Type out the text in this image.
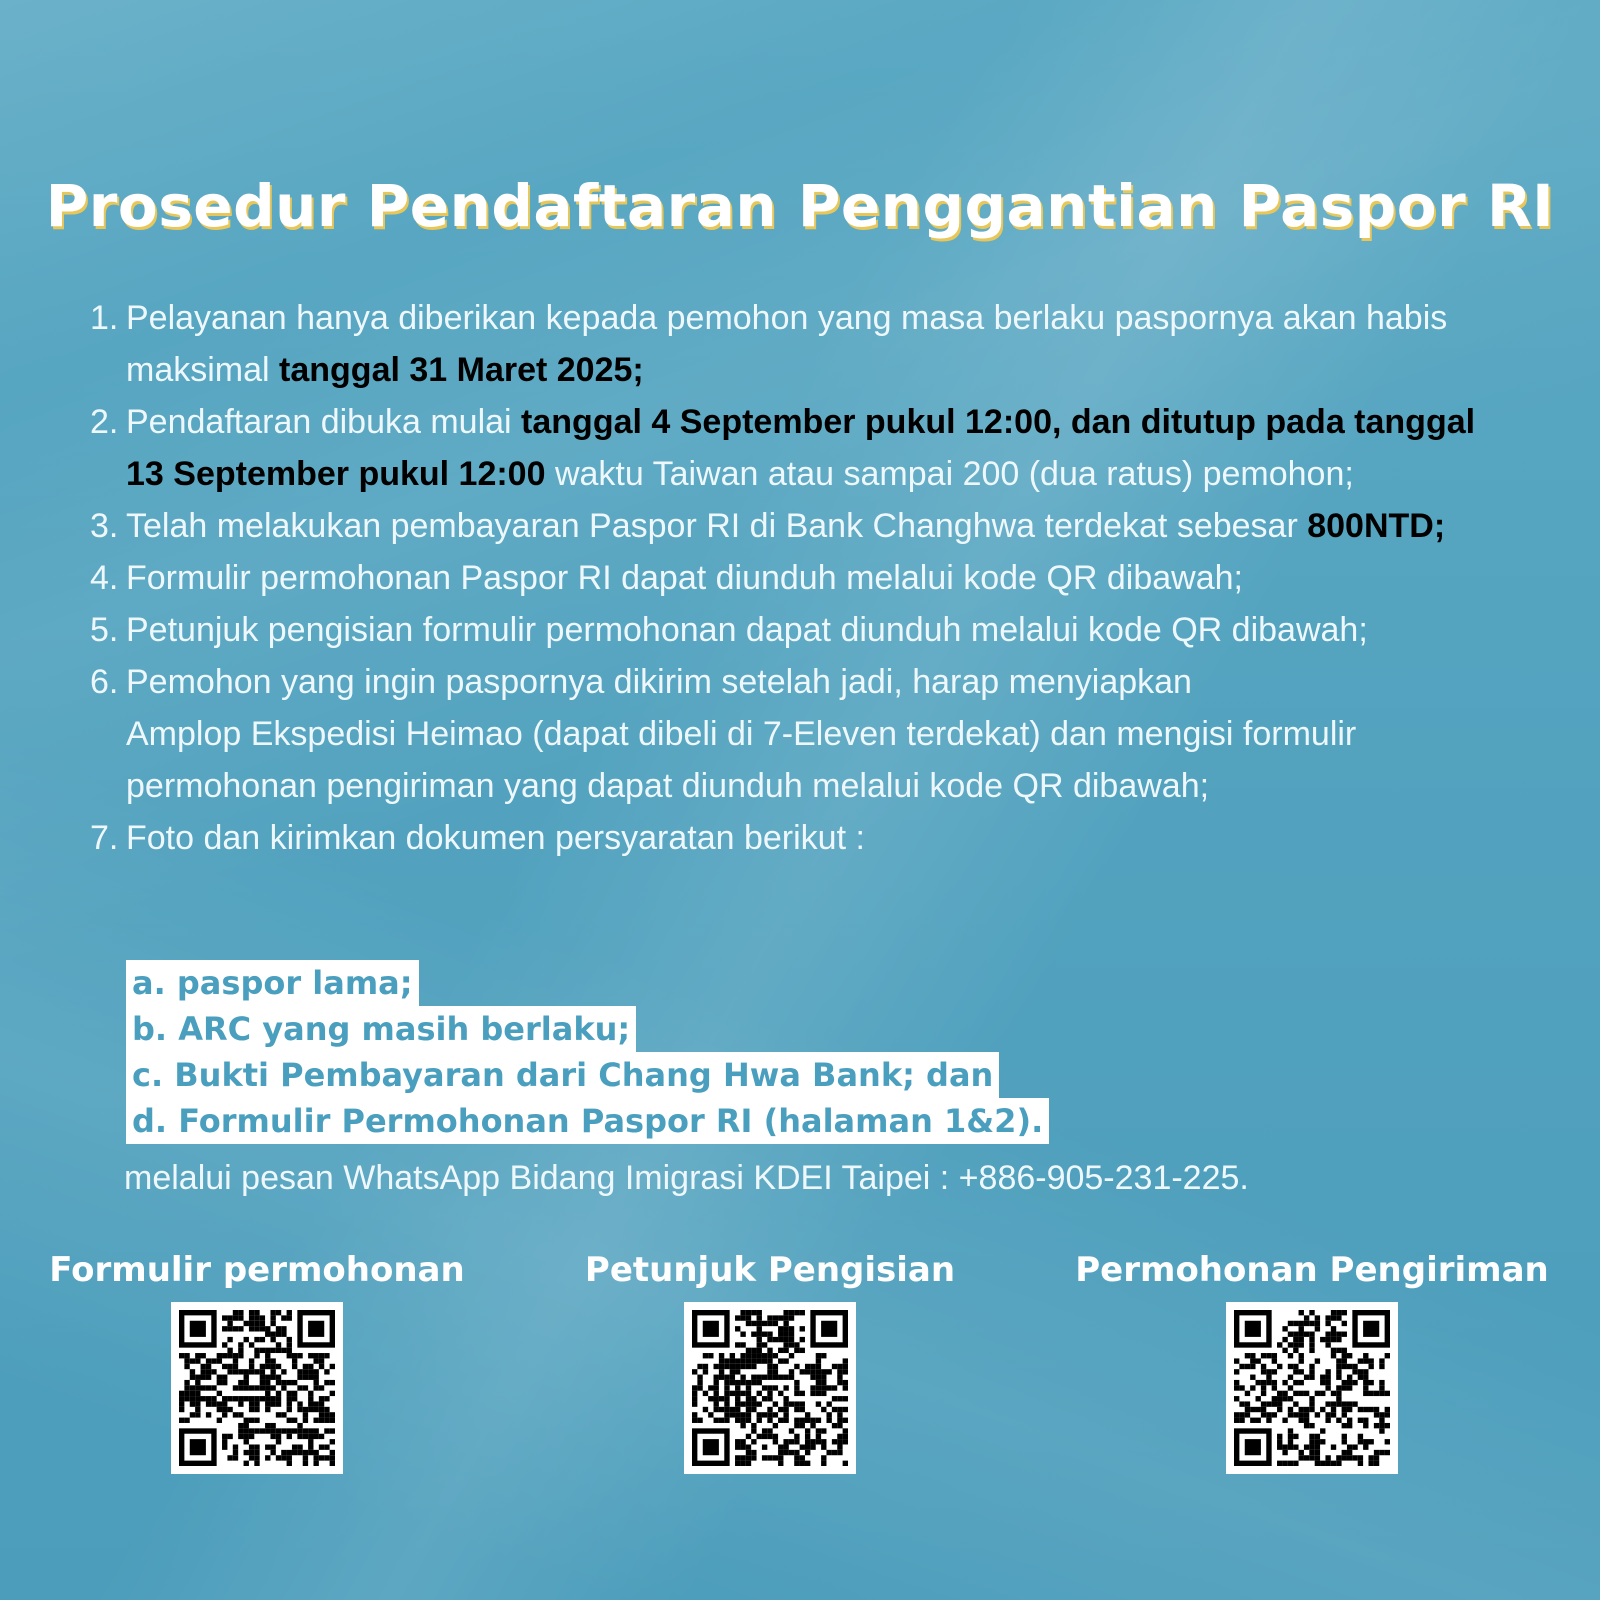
Prosedur Pendaftaran Penggantian Paspor RI
1. Pelayanan hanya diberikan kepada pemohon yang masa berlaku paspornya akan habis maksimal tanggal 31 Maret 2025;
2. Pendaftaran dibuka mulai tanggal 4 September pukul 12:00, dan ditutup pada tanggal 13 September pukul 12:00 waktu Taiwan atau sampai 200 (dua ratus) pemohon;
3. Telah melakukan pembayaran Paspor RI di Bank Changhwa terdekat sebesar 800NTD;
4. Formulir permohonan Paspor RI dapat diunduh melalui kode QR dibawah;
5. Petunjuk pengisian formulir permohonan dapat diunduh melalui kode QR dibawah;
6. Pemohon yang ingin paspornya dikirim setelah jadi, harap menyiapkan
Amplop Ekspedisi Heimao (dapat dibeli di 7-Eleven terdekat) dan mengisi formulir permohonan pengiriman yang dapat diunduh melalui kode QR dibawah;
7. Foto dan kirimkan dokumen persyaratan berikut :
a. paspor lama;
b. ARC yang masih berlaku;
c. Bukti Pembayaran dari Chang Hwa Bank; dan
d. Formulir Permohonan Paspor RI (halaman 1&2).
melalui pesan WhatsApp Bidang Imigrasi KDEI Taipei : +886-905-231-225.
Formulir permohonan	Petunjuk Pengisian	Permohonan Pengiriman
